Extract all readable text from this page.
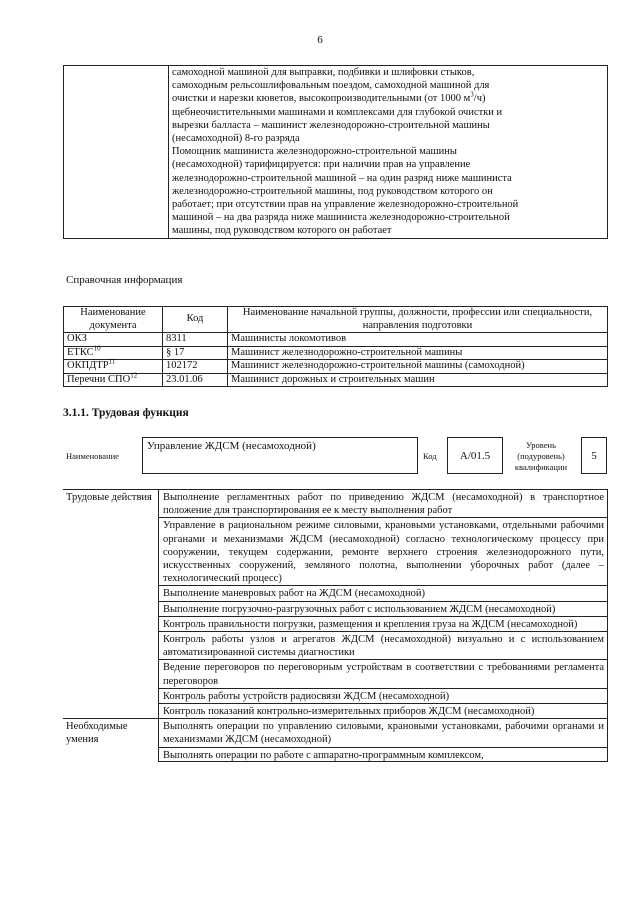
6

самоходной машиной для выправки, подбивки и шлифовки стыков,
самоходным рельсошлифовальным поездом, самоходной машиной для
очистки и нарезки кюветов, высокопроизводительными (от 1000 $м^3/ч$)
щебнеочистительными машинами и комплексами для глубокой очистки и
вырезки балласта – машинист железнодорожно-строительной машины
(несамоходной) 8-го разряда
Помощник машиниста железнодорожно-строительной машины
(несамоходной) тарифицируется: при наличии прав на управление
железнодорожно-строительной машиной – на один разряд ниже машиниста
железнодорожно-строительной машины, под руководством которого он
работает; при отсутствии прав на управление железнодорожно-строительной
машиной – на два разряда ниже машиниста железнодорожно-строительной
машины, под руководством которого он работает
Справочная информация
Наименование документа	Код	Наименование начальной группы, должности, профессии или специальности, направления подготовки
ОКЗ	8311	Машинисты локомотивов
ЕТКС$^{10}$	§ 17	Машинист железнодорожно-строительной машины
ОКПДТР$^{11}$	102172	Машинист железнодорожно-строительной машины (самоходной)
Перечни СПО$^{12}$	23.01.06	Машинист дорожных и строительных машин
3.1.1. Трудовая функция
Наименование
Управление ЖДСМ (несамоходной)
Код	А/01.5
Уровень (подуровень) квалификации
5
Трудовые действия	Выполнение регламентных работ по приведению ЖДСМ (несамоходной) в транспортное положение для транспортирования ее к месту выполнения работ
	Управление в рациональном режиме силовыми, крановыми установками, отдельными рабочими органами и механизмами ЖДСМ (несамоходной) согласно технологическому процессу при сооружении, текущем содержании, ремонте верхнего строения железнодорожного пути, искусственных сооружений, земляного полотна, выполнении уборочных работ (далее – технологический процесс)
	Выполнение маневровых работ на ЖДСМ (несамоходной)
	Выполнение погрузочно-разгрузочных работ с использованием ЖДСМ (несамоходной)
	Контроль правильности погрузки, размещения и крепления груза на ЖДСМ (несамоходной)
	Контроль работы узлов и агрегатов ЖДСМ (несамоходной) визуально и с использованием автоматизированной системы диагностики
	Ведение переговоров по переговорным устройствам в соответствии с требованиями регламента переговоров
	Контроль работы устройств радиосвязи ЖДСМ (несамоходной)
	Контроль показаний контрольно-измерительных приборов ЖДСМ (несамоходной)
Необходимые умения	Выполнять операции по управлению силовыми, крановыми установками, рабочими органами и механизмами ЖДСМ (несамоходной)

	Выполнять операции по работе с аппаратно-программным комплексом,
